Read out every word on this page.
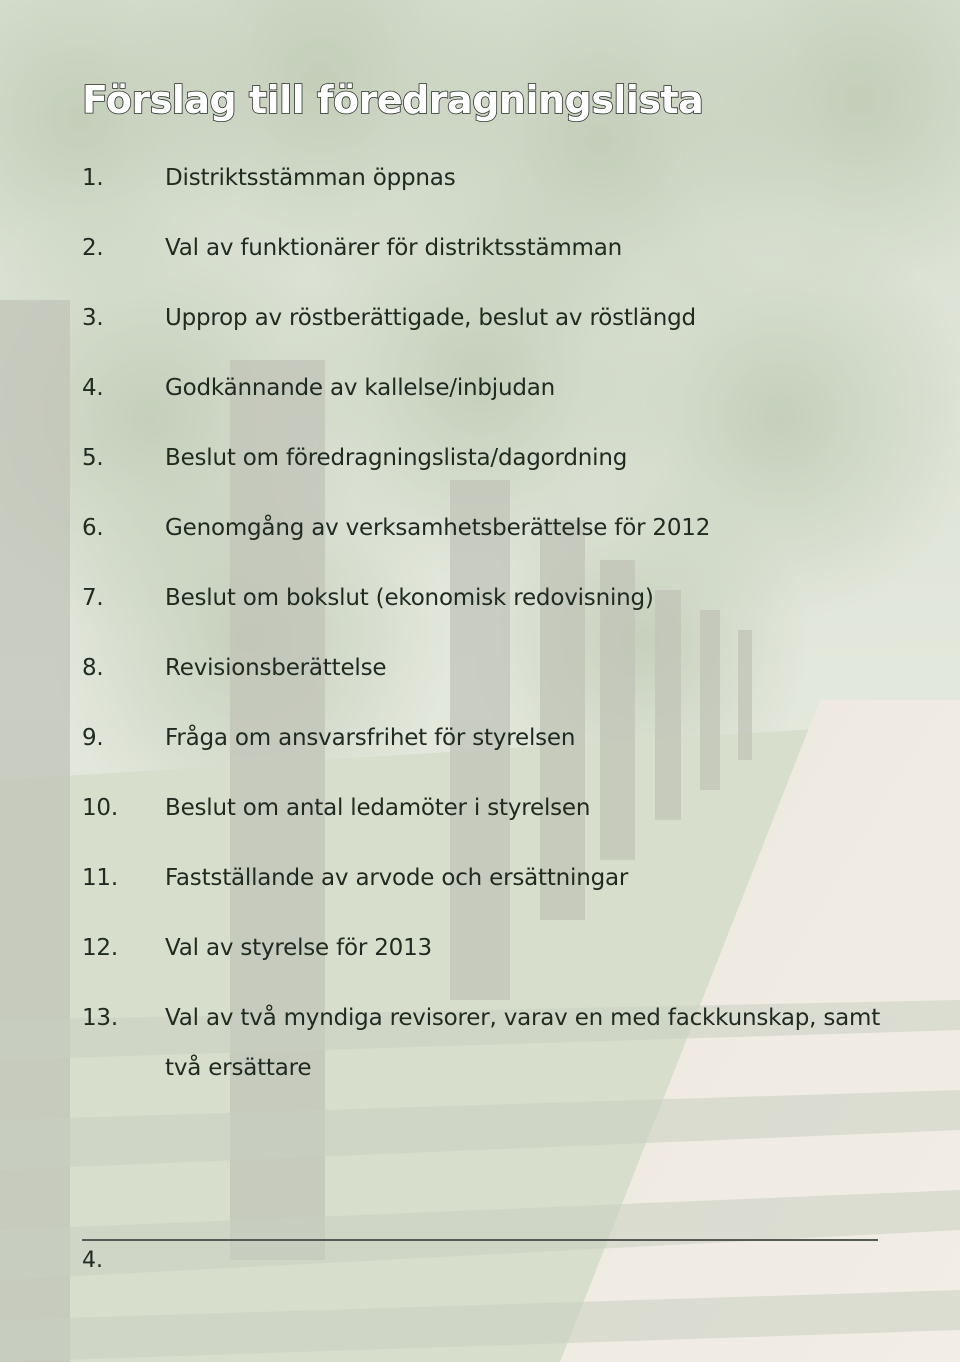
Förslag till föredragningslista
1.	Distriktsstämman öppnas
2.	Val av funktionärer för distriktsstämman
3.	Upprop av röstberättigade, beslut av röstlängd
4.	Godkännande av kallelse/inbjudan
5.	Beslut om föredragningslista/dagordning
6.	Genomgång av verksamhetsberättelse för 2012
7.	Beslut om bokslut (ekonomisk redovisning)
8.	Revisionsberättelse
9.	Fråga om ansvarsfrihet för styrelsen
10.	Beslut om antal ledamöter i styrelsen
11.	Fastställande av arvode och ersättningar
12.	Val av styrelse för 2013
13.	Val av två myndiga revisorer, varav en med fackkunskap, samt två ersättare
4.
